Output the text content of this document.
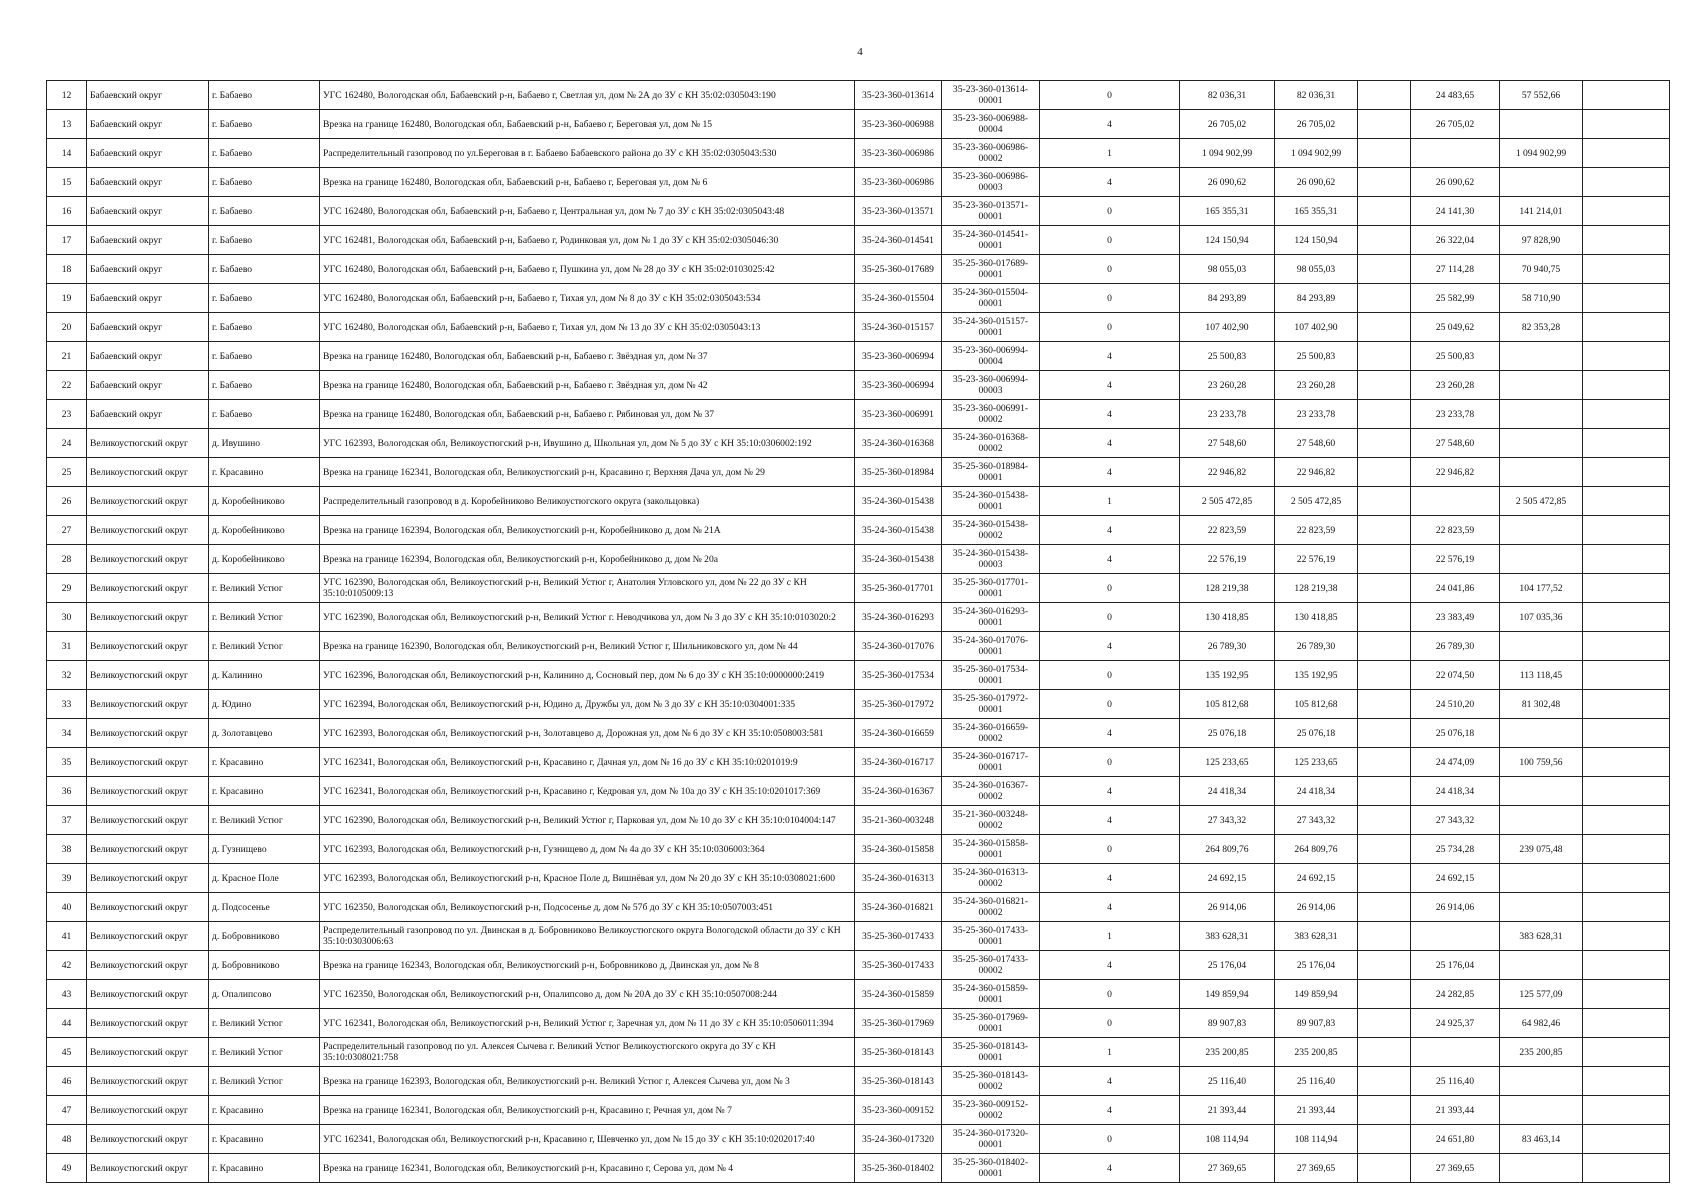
4
12	Бабаевский округ	г. Бабаево	УГС 162480, Вологодская обл, Бабаевский р-н, Бабаево г, Светлая ул, дом № 2А до ЗУ с КН 35:02:0305043:190	35-23-360-013614	35-23-360-013614-00001	0	82 036,31	82 036,31		24 483,65	57 552,66	
13	Бабаевский округ	г. Бабаево	Врезка на границе 162480, Вологодская обл, Бабаевский р-н, Бабаево г, Береговая ул, дом № 15	35-23-360-006988	35-23-360-006988-00004	4	26 705,02	26 705,02		26 705,02		
14	Бабаевский округ	г. Бабаево	Распределительный газопровод по ул.Береговая в г. Бабаево Бабаевского района до ЗУ с КН 35:02:0305043:530	35-23-360-006986	35-23-360-006986-00002	1	1 094 902,99	1 094 902,99			1 094 902,99	
15	Бабаевский округ	г. Бабаево	Врезка на границе 162480, Вологодская обл, Бабаевский р-н, Бабаево г, Береговая ул, дом № 6	35-23-360-006986	35-23-360-006986-00003	4	26 090,62	26 090,62		26 090,62		
16	Бабаевский округ	г. Бабаево	УГС 162480, Вологодская обл, Бабаевский р-н, Бабаево г, Центральная ул, дом № 7 до ЗУ с КН 35:02:0305043:48	35-23-360-013571	35-23-360-013571-00001	0	165 355,31	165 355,31		24 141,30	141 214,01	
17	Бабаевский округ	г. Бабаево	УГС 162481, Вологодская обл, Бабаевский р-н, Бабаево г, Родинковая ул, дом № 1 до ЗУ с КН 35:02:0305046:30	35-24-360-014541	35-24-360-014541-00001	0	124 150,94	124 150,94		26 322,04	97 828,90	
18	Бабаевский округ	г. Бабаево	УГС 162480, Вологодская обл, Бабаевский р-н, Бабаево г, Пушкина ул, дом № 28 до ЗУ с КН 35:02:0103025:42	35-25-360-017689	35-25-360-017689-00001	0	98 055,03	98 055,03		27 114,28	70 940,75	
19	Бабаевский округ	г. Бабаево	УГС 162480, Вологодская обл, Бабаевский р-н, Бабаево г, Тихая ул, дом № 8 до ЗУ с КН 35:02:0305043:534	35-24-360-015504	35-24-360-015504-00001	0	84 293,89	84 293,89		25 582,99	58 710,90	
20	Бабаевский округ	г. Бабаево	УГС 162480, Вологодская обл, Бабаевский р-н, Бабаево г, Тихая ул, дом № 13 до ЗУ с КН 35:02:0305043:13	35-24-360-015157	35-24-360-015157-00001	0	107 402,90	107 402,90		25 049,62	82 353,28	
21	Бабаевский округ	г. Бабаево	Врезка на границе 162480, Вологодская обл, Бабаевский р-н, Бабаево г. Звёздная ул, дом № 37	35-23-360-006994	35-23-360-006994-00004	4	25 500,83	25 500,83		25 500,83		
22	Бабаевский округ	г. Бабаево	Врезка на границе 162480, Вологодская обл, Бабаевский р-н, Бабаево г. Звёздная ул, дом № 42	35-23-360-006994	35-23-360-006994-00003	4	23 260,28	23 260,28		23 260,28		
23	Бабаевский округ	г. Бабаево	Врезка на границе 162480, Вологодская обл, Бабаевский р-н, Бабаево г. Рябиновая ул, дом № 37	35-23-360-006991	35-23-360-006991-00002	4	23 233,78	23 233,78		23 233,78		
24	Великоустюгский округ	д. Ивушино	УГС 162393, Вологодская обл, Великоустюгский р-н, Ивушино д, Школьная ул, дом № 5 до ЗУ с КН 35:10:0306002:192	35-24-360-016368	35-24-360-016368-00002	4	27 548,60	27 548,60		27 548,60		
25	Великоустюгский округ	г. Красавино	Врезка на границе 162341, Вологодская обл, Великоустюгский р-н, Красавино г, Верхняя Дача ул, дом № 29	35-25-360-018984	35-25-360-018984-00001	4	22 946,82	22 946,82		22 946,82		
26	Великоустюгский округ	д. Коробейниково	Распределительный газопровод в д. Коробейниково Великоустюгского округа (закольцовка)	35-24-360-015438	35-24-360-015438-00001	1	2 505 472,85	2 505 472,85			2 505 472,85	
27	Великоустюгский округ	д. Коробейниково	Врезка на границе 162394, Вологодская обл, Великоустюгский р-н, Коробейниково д, дом № 21А	35-24-360-015438	35-24-360-015438-00002	4	22 823,59	22 823,59		22 823,59		
28	Великоустюгский округ	д. Коробейниково	Врезка на границе 162394, Вологодская обл, Великоустюгский р-н, Коробейниково д, дом № 20а	35-24-360-015438	35-24-360-015438-00003	4	22 576,19	22 576,19		22 576,19		
29	Великоустюгский округ	г. Великий Устюг	УГС 162390, Вологодская обл, Великоустюгский р-н, Великий Устюг г, Анатолия Угловского ул, дом № 22 до ЗУ с КН 35:10:0105009:13	35-25-360-017701	35-25-360-017701-00001	0	128 219,38	128 219,38		24 041,86	104 177,52	
30	Великоустюгский округ	г. Великий Устюг	УГС 162390, Вологодская обл, Великоустюгский р-н, Великий Устюг г. Неводчикова ул, дом № 3 до ЗУ с КН 35:10:0103020:2	35-24-360-016293	35-24-360-016293-00001	0	130 418,85	130 418,85		23 383,49	107 035,36	
31	Великоустюгский округ	г. Великий Устюг	Врезка на границе 162390, Вологодская обл, Великоустюгский р-н, Великий Устюг г, Шильниковского ул, дом № 44	35-24-360-017076	35-24-360-017076-00001	4	26 789,30	26 789,30		26 789,30		
32	Великоустюгский округ	д. Калинино	УГС 162396, Вологодская обл, Великоустюгский р-н, Калинино д, Сосновый пер, дом № 6 до ЗУ с КН 35:10:0000000:2419	35-25-360-017534	35-25-360-017534-00001	0	135 192,95	135 192,95		22 074,50	113 118,45	
33	Великоустюгский округ	д. Юдино	УГС 162394, Вологодская обл, Великоустюгский р-н, Юдино д, Дружбы ул, дом № 3 до ЗУ с КН 35:10:0304001:335	35-25-360-017972	35-25-360-017972-00001	0	105 812,68	105 812,68		24 510,20	81 302,48	
34	Великоустюгский округ	д. Золотавцево	УГС 162393, Вологодская обл, Великоустюгский р-н, Золотавцево д, Дорожная ул, дом № 6 до ЗУ с КН 35:10:0508003:581	35-24-360-016659	35-24-360-016659-00002	4	25 076,18	25 076,18		25 076,18		
35	Великоустюгский округ	г. Красавино	УГС 162341, Вологодская обл, Великоустюгский р-н, Красавино г, Дачная ул, дом № 16 до ЗУ с КН 35:10:0201019:9	35-24-360-016717	35-24-360-016717-00001	0	125 233,65	125 233,65		24 474,09	100 759,56	
36	Великоустюгский округ	г. Красавино	УГС 162341, Вологодская обл, Великоустюгский р-н, Красавино г, Кедровая ул, дом № 10а до ЗУ с КН 35:10:0201017:369	35-24-360-016367	35-24-360-016367-00002	4	24 418,34	24 418,34		24 418,34		
37	Великоустюгский округ	г. Великий Устюг	УГС 162390, Вологодская обл, Великоустюгский р-н, Великий Устюг г, Парковая ул, дом № 10 до ЗУ с КН 35:10:0104004:147	35-21-360-003248	35-21-360-003248-00002	4	27 343,32	27 343,32		27 343,32		
38	Великоустюгский округ	д. Гузнищево	УГС 162393, Вологодская обл, Великоустюгский р-н, Гузнищево д, дом № 4а до ЗУ с КН 35:10:0306003:364	35-24-360-015858	35-24-360-015858-00001	0	264 809,76	264 809,76		25 734,28	239 075,48	
39	Великоустюгский округ	д. Красное Поле	УГС 162393, Вологодская обл, Великоустюгский р-н, Красное Поле д, Вишнёвая ул, дом № 20 до ЗУ с КН 35:10:0308021:600	35-24-360-016313	35-24-360-016313-00002	4	24 692,15	24 692,15		24 692,15		
40	Великоустюгский округ	д. Подсосенье	УГС 162350, Вологодская обл, Великоустюгский р-н, Подсосенье д, дом № 57б до ЗУ с КН 35:10:0507003:451	35-24-360-016821	35-24-360-016821-00002	4	26 914,06	26 914,06		26 914,06		
41	Великоустюгский округ	д. Бобровниково	Распределительный газопровод по ул. Двинская в д. Бобровниково Великоустюгского округа Вологодской области до ЗУ с КН 35:10:0303006:63	35-25-360-017433	35-25-360-017433-00001	1	383 628,31	383 628,31			383 628,31	
42	Великоустюгский округ	д. Бобровниково	Врезка на границе 162343, Вологодская обл, Великоустюгский р-н, Бобровниково д, Двинская ул, дом № 8	35-25-360-017433	35-25-360-017433-00002	4	25 176,04	25 176,04		25 176,04		
43	Великоустюгский округ	д. Опалипсово	УГС 162350, Вологодская обл, Великоустюгский р-н, Опалипсово д, дом № 20А до ЗУ с КН 35:10:0507008:244	35-24-360-015859	35-24-360-015859-00001	0	149 859,94	149 859,94		24 282,85	125 577,09	
44	Великоустюгский округ	г. Великий Устюг	УГС 162341, Вологодская обл, Великоустюгский р-н, Великий Устюг г, Заречная ул, дом № 11 до ЗУ с КН 35:10:0506011:394	35-25-360-017969	35-25-360-017969-00001	0	89 907,83	89 907,83		24 925,37	64 982,46	
45	Великоустюгский округ	г. Великий Устюг	Распределительный газопровод по ул. Алексея Сычева г. Великий Устюг Великоустюгского округа до ЗУ с КН 35:10:0308021:758	35-25-360-018143	35-25-360-018143-00001	1	235 200,85	235 200,85			235 200,85	
46	Великоустюгский округ	г. Великий Устюг	Врезка на границе 162393, Вологодская обл, Великоустюгский р-н. Великий Устюг г, Алексея Сычева ул, дом № 3	35-25-360-018143	35-25-360-018143-00002	4	25 116,40	25 116,40		25 116,40		
47	Великоустюгский округ	г. Красавино	Врезка на границе 162341, Вологодская обл, Великоустюгский р-н, Красавино г, Речная ул, дом № 7	35-23-360-009152	35-23-360-009152-00002	4	21 393,44	21 393,44		21 393,44		
48	Великоустюгский округ	г. Красавино	УГС 162341, Вологодская обл, Великоустюгский р-н, Красавино г, Шевченко ул, дом № 15 до ЗУ с КН 35:10:0202017:40	35-24-360-017320	35-24-360-017320-00001	0	108 114,94	108 114,94		24 651,80	83 463,14	
49	Великоустюгский округ	г. Красавино	Врезка на границе 162341, Вологодская обл, Великоустюгский р-н, Красавино г, Серова ул, дом № 4	35-25-360-018402	35-25-360-018402-00001	4	27 369,65	27 369,65		27 369,65		
